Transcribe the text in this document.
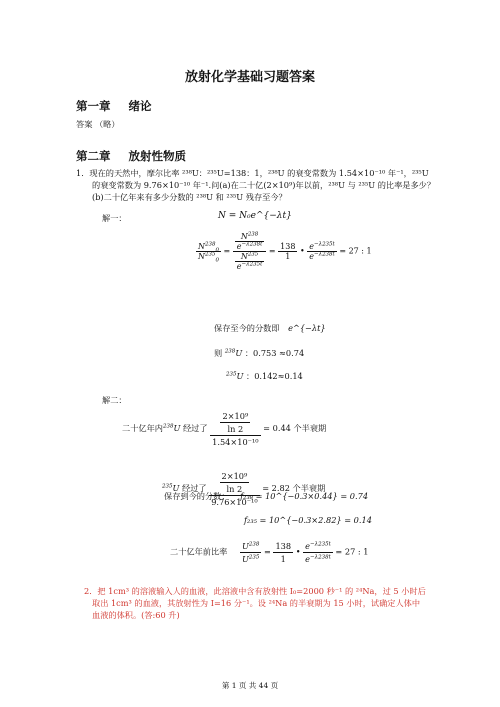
放射化学基础习题答案
第一章 绪论
答案 （略）
第二章 放射性物质
1．现在的天然中，摩尔比率 ²³⁸U：²³⁵U=138：1，²³⁸U 的衰变常数为 1.54×10⁻¹⁰ 年⁻¹，²³⁵U
的衰变常数为 9.76×10⁻¹⁰ 年⁻¹.问(a)在二十亿(2×10⁹)年以前，²³⁸U 与 ²³⁵U 的比率是多少？
(b)二十亿年来有多少分数的 ²³⁸U 和 ²³⁵U 残存至今？
解一：	N = N₀e^{−λt}
$\frac{N^{238}_0}{N^{235}_0} = \frac{\frac{N^{238}}{e^{-\lambda 238t}}}{\frac{N^{235}}{e^{-\lambda 235t}}} = \frac{138}{1}$ • $\frac{e^{-\lambda 235t}}{e^{-\lambda 238t}} = 27$ : 1
保存至今的分数即 e^{−λt}
则 $^{238}$U ：0.753 ≈0.74
$^{235}$U ：0.142≈0.14
解二：
二十亿年内$^{238}$U 经过了 $\frac{\frac{\text{2×10⁹}}{\ln 2}}{\text{1.54×10⁻¹⁰}} = 0.44$ 个半衰期
$^{235}$U 经过了 $\frac{\frac{\text{2×10⁹}}{\ln 2}}{\text{9.76×10⁻¹⁰}} = 2.82$ 个半衰期
保存到今的分数： f₂₃₈ = 10^{−0.3×0.44} = 0.74
f₂₃₅ = 10^{−0.3×2.82} = 0.14
二十亿年前比率 $\frac{U^{238}}{U^{235}} = \frac{138}{1}$ • $\frac{e^{-\lambda 235t}}{e^{-\lambda 238t}} = 27$ : 1
2．把 1cm³ 的溶液输入人的血液，此溶液中含有放射性 I₀=2000 秒⁻¹ 的 ²⁴Na，过 5 小时后
取出 1cm³ 的血液，其放射性为 I=16 分⁻¹。设 ²⁴Na 的半衰期为 15 小时，试确定人体中
血液的体积。(答:60 升)
第 1 页 共 44 页
